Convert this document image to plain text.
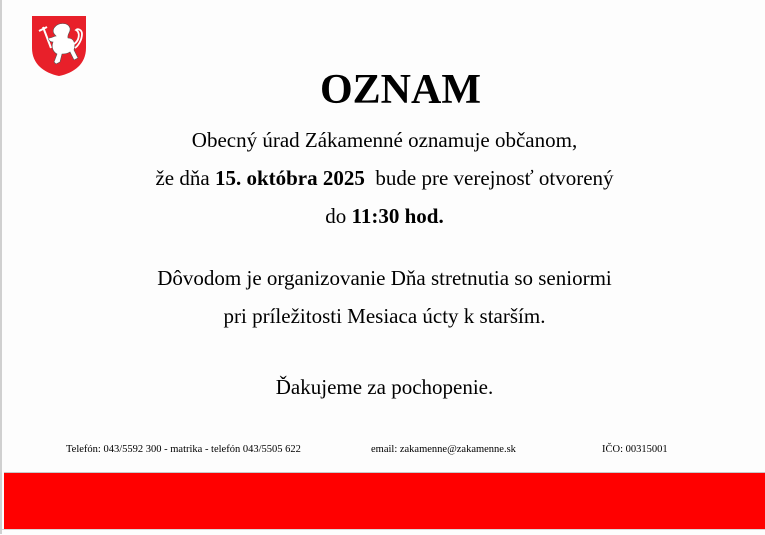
OZNAM
Obecný úrad Zákamenné oznamuje občanom,
že dňa 15. októbra 2025  bude pre verejnosť otvorený
do 11:30 hod.
Dôvodom je organizovanie Dňa stretnutia so seniormi
pri príležitosti Mesiaca úcty k starším.
Ďakujeme za pochopenie.
Telefón: 043/5592 300 - matrika - telefón 043/5505 622	email: zakamenne@zakamenne.sk	IČO: 00315001
